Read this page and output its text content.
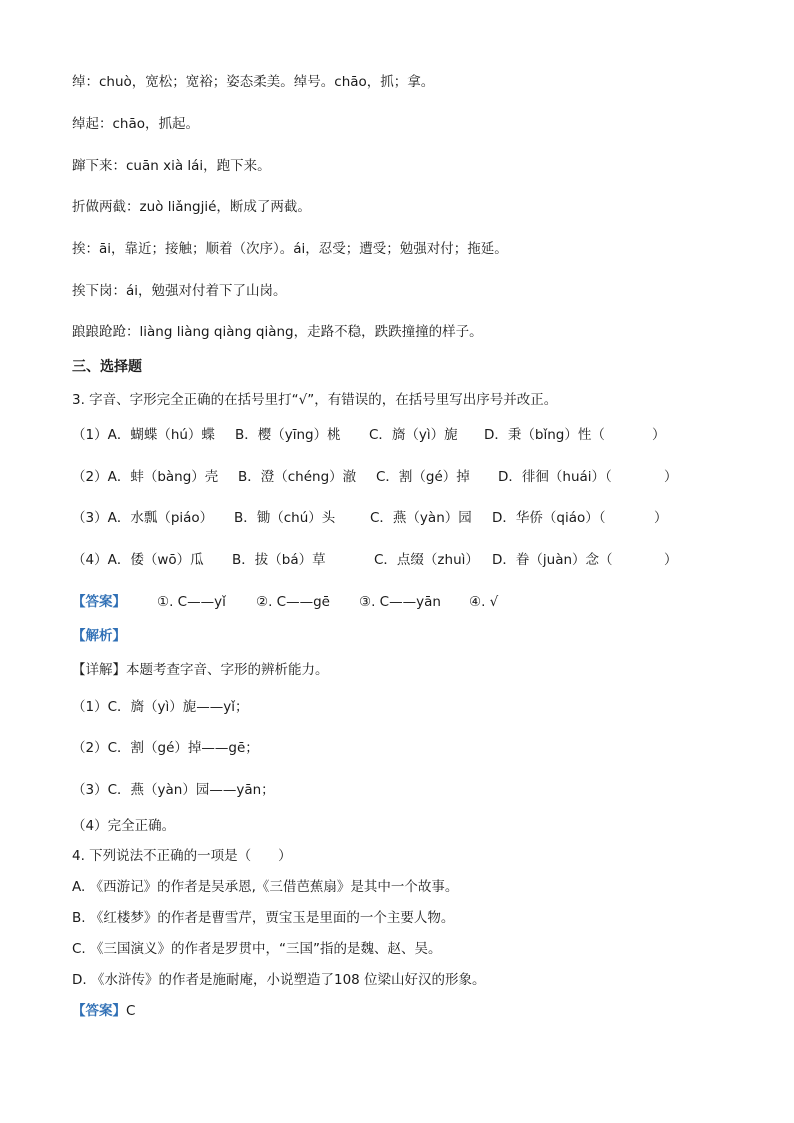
绰：chuò，宽松；宽裕；姿态柔美。绰号。chāo，抓；拿。
绰起：chāo，抓起。
蹿下来：cuān xià lái，跑下来。
折做两截：zuò liǎngjié，断成了两截。
挨：āi，靠近；接触；顺着（次序）。ái，忍受；遭受；勉强对付；拖延。
挨下岗：ái，勉强对付着下了山岗。
踉踉跄跄：liàng liàng qiàng qiàng，走路不稳，跌跌撞撞的样子。
三、选择题
3. 字音、字形完全正确的在括号里打“√”，有错误的，在括号里写出序号并改正。
（1）A．蝴蝶（hú）蝶 B．樱（yīng）桃 C．旖（yì）旎 D．秉（bǐng）性（	）
（2）A．蚌（bàng）壳 B．澄（chéng）澈 C．割（gé）掉 D．徘徊（huái）（	）
（3）A．水瓢（piáo） B．锄（chú）头	C．燕（yàn）园 D．华侨（qiáo）（	）
（4）A．倭（wō）瓜 B．拔（bá）草	C．点缀（zhuì） D．眷（juàn）念（	）
【答案】 ①. C——yǐ ②. C——gē ③. C——yān ④. √
【解析】
【详解】本题考查字音、字形的辨析能力。
（1）C．旖（yì）旎——yǐ；
（2）C．割（gé）掉——gē；
（3）C．燕（yàn）园——yān；
（4）完全正确。
4. 下列说法不正确的一项是（　　）
A. 《西游记》的作者是吴承恩,《三借芭蕉扇》是其中一个故事。
B. 《红楼梦》的作者是曹雪芹，贾宝玉是里面的一个主要人物。
C. 《三国演义》的作者是罗贯中，“三国”指的是魏、赵、吴。
D. 《水浒传》的作者是施耐庵，小说塑造了108 位梁山好汉的形象。
【答案】C
